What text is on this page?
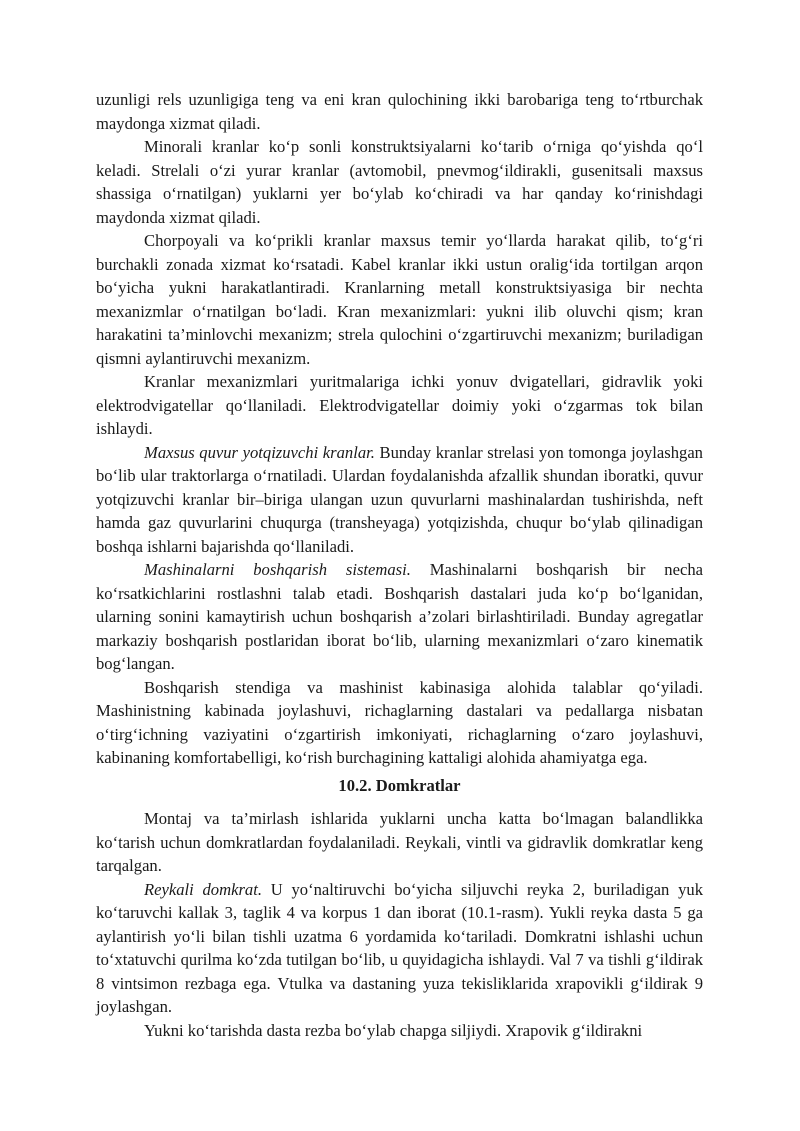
uzunligi rels uzunligiga teng va eni kran qulochining ikki barobariga teng to‘rtburchak maydonga xizmat qiladi.

Minorali kranlar ko‘p sonli konstruktsiyalarni ko‘tarib o‘rniga qo‘yishda qo‘l keladi. Strelali o‘zi yurar kranlar (avtomobil, pnevmog‘ildirakli, gusenitsali maxsus shassiga o‘rnatilgan) yuklarni yer bo‘ylab ko‘chiradi va har qanday ko‘rinishdagi maydonda xizmat qiladi.

Chorpoyali va ko‘prikli kranlar maxsus temir yo‘llarda harakat qilib, to‘g‘ri burchakli zonada xizmat ko‘rsatadi. Kabel kranlar ikki ustun oralig‘ida tortilgan arqon bo‘yicha yukni harakatlantiradi. Kranlarning metall konstruktsiyasiga bir nechta mexanizmlar o‘rnatilgan bo‘ladi. Kran mexanizmlari: yukni ilib oluvchi qism; kran harakatini ta’minlovchi mexanizm; strela qulochini o‘zgartiruvchi mexanizm; buriladigan qismni aylantiruvchi mexanizm.

Kranlar mexanizmlari yuritmalariga ichki yonuv dvigatellari, gidravlik yoki elektrodvigatellar qo‘llaniladi. Elektrodvigatellar doimiy yoki o‘zgarmas tok bilan ishlaydi.

Maxsus quvur yotqizuvchi kranlar. Bunday kranlar strelasi yon tomonga joylashgan bo‘lib ular traktorlarga o‘rnatiladi. Ulardan foydalanishda afzallik shundan iboratki, quvur yotqizuvchi kranlar bir–biriga ulangan uzun quvurlarni mashinalardan tushirishda, neft hamda gaz quvurlarini chuqurga (transheyaga) yotqizishda, chuqur bo‘ylab qilinadigan boshqa ishlarni bajarishda qo‘llaniladi.

Mashinalarni boshqarish sistemasi. Mashinalarni boshqarish bir necha ko‘rsatkichlarini rostlashni talab etadi. Boshqarish dastalari juda ko‘p bo‘lganidan, ularning sonini kamaytirish uchun boshqarish a’zolari birlashtiriladi. Bunday agregatlar markaziy boshqarish postlaridan iborat bo‘lib, ularning mexanizmlari o‘zaro kinematik bog‘langan.

Boshqarish stendiga va mashinist kabinasiga alohida talablar qo‘yiladi. Mashinistning kabinada joylashuvi, richaglarning dastalari va pedallarga nisbatan o‘tirg‘ichning vaziyatini o‘zgartirish imkoniyati, richaglarning o‘zaro joylashuvi, kabinaning komfortabelligi, ko‘rish burchagining kattaligi alohida ahamiyatga ega.

10.2. Domkratlar

Montaj va ta’mirlash ishlarida yuklarni uncha katta bo‘lmagan balandlikka ko‘tarish uchun domkratlardan foydalaniladi. Reykali, vintli va gidravlik domkratlar keng tarqalgan.

Reykali domkrat. U yo‘naltiruvchi bo‘yicha siljuvchi reyka 2, buriladigan yuk ko‘taruvchi kallak 3, taglik 4 va korpus 1 dan iborat (10.1-rasm). Yukli reyka dasta 5 ga aylantirish yo‘li bilan tishli uzatma 6 yordamida ko‘tariladi. Domkratni ishlashi uchun to‘xtatuvchi qurilma ko‘zda tutilgan bo‘lib, u quyidagicha ishlaydi. Val 7 va tishli g‘ildirak 8 vintsimon rezbaga ega. Vtulka va dastaning yuza tekisliklarida xrapovikli g‘ildirak 9 joylashgan.

Yukni ko‘tarishda dasta rezba bo‘ylab chapga siljiydi. Xrapovik g‘ildirakni
